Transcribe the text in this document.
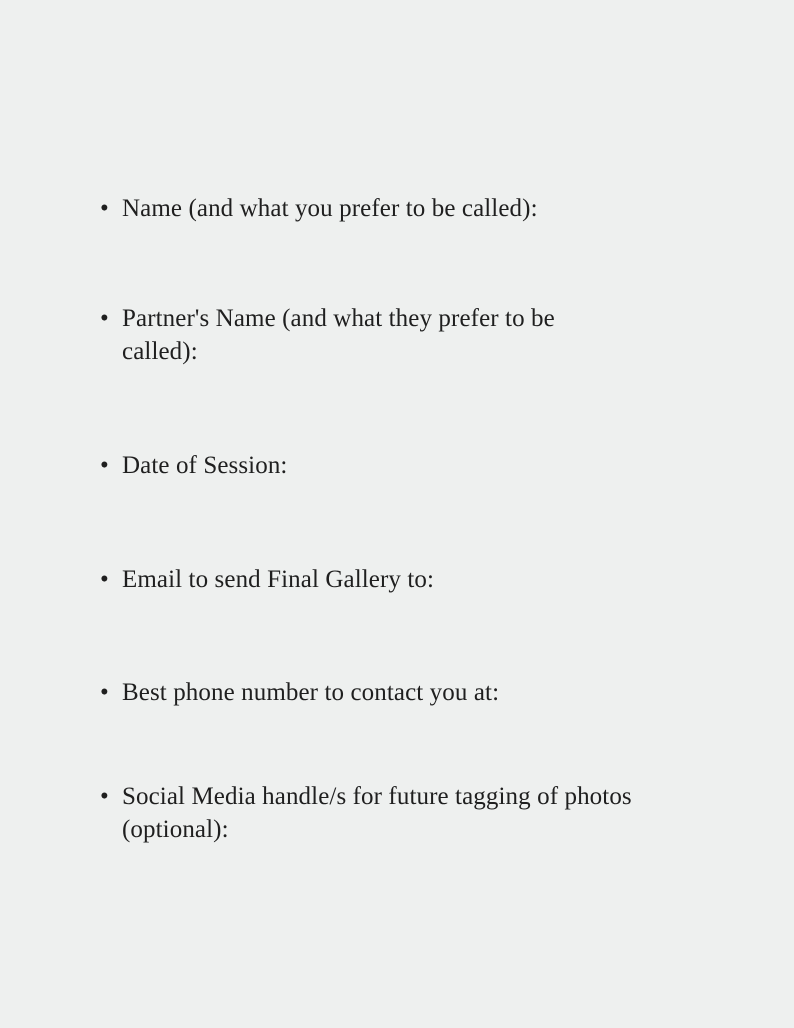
• Name (and what you prefer to be called):
• Partner's Name (and what they prefer to be called):
• Date of Session:
• Email to send Final Gallery to:
• Best phone number to contact you at:
• Social Media handle/s for future tagging of photos (optional):
